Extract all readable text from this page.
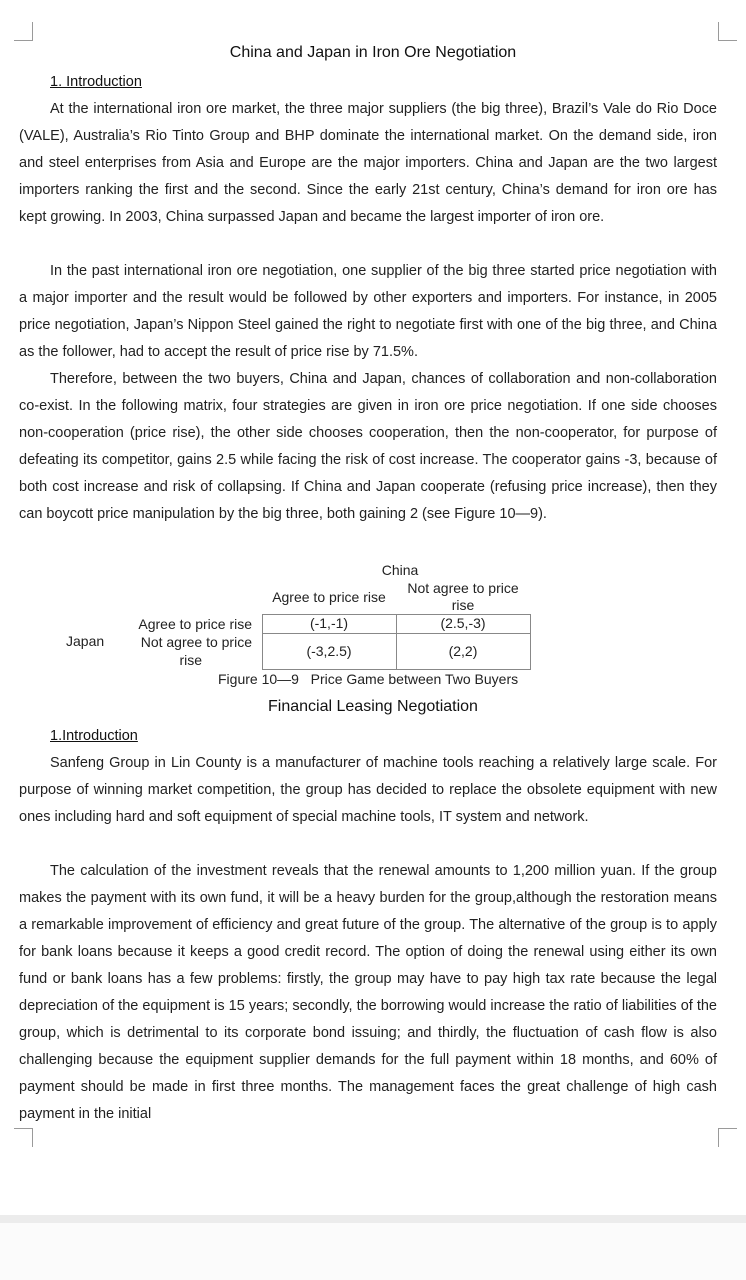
China and Japan in Iron Ore Negotiation
1. Introduction

At the international iron ore market, the three major suppliers (the big three), Brazil’s Vale do Rio Doce (VALE), Australia’s Rio Tinto Group and BHP dominate the international market. On the demand side, iron and steel enterprises from Asia and Europe are the major importers. China and Japan are the two largest importers ranking the first and the second. Since the early 21st century, China’s demand for iron ore has kept growing. In 2003, China surpassed Japan and became the largest importer of iron ore.

In the past international iron ore negotiation, one supplier of the big three started price negotiation with a major importer and the result would be followed by other exporters and importers. For instance, in 2005 price negotiation, Japan’s Nippon Steel gained the right to negotiate first with one of the big three, and China as the follower, had to accept the result of price rise by 71.5%.

Therefore, between the two buyers, China and Japan, chances of collaboration and non-collaboration co-exist. In the following matrix, four strategies are given in iron ore price negotiation. If one side chooses non-cooperation (price rise), the other side chooses cooperation, then the non-cooperator, for purpose of defeating its competitor, gains 2.5 while facing the risk of cost increase. The cooperator gains -3, because of both cost increase and risk of collapsing. If China and Japan cooperate (refusing price increase), then they can boycott price manipulation by the big three, both gaining 2 (see Figure 10—9).

China
Agree to price rise
Not agree to price
rise
Japan
Agree to price rise
Not agree to price
rise
(-1,-1)	(2.5,-3)
(-3,2.5)	(2,2)
Figure 10—9   Price Game between Two Buyers
Financial Leasing Negotiation
1.Introduction

Sanfeng Group in Lin County is a manufacturer of machine tools reaching a relatively large scale. For purpose of winning market competition, the group has decided to replace the obsolete equipment with new ones including hard and soft equipment of special machine tools, IT system and network.

The calculation of the investment reveals that the renewal amounts to 1,200 million yuan. If the group makes the payment with its own fund, it will be a heavy burden for the group,although the restoration means a remarkable improvement of efficiency and great future of the group. The alternative of the group is to apply for bank loans because it keeps a good credit record. The option of doing the renewal using either its own fund or bank loans has a few problems: firstly, the group may have to pay high tax rate because the legal depreciation of the equipment is 15 years; secondly, the borrowing would increase the ratio of liabilities of the group, which is detrimental to its corporate bond issuing; and thirdly, the fluctuation of cash flow is also challenging because the equipment supplier demands for the full payment within 18 months, and 60% of payment should be made in first three months. The management faces the great challenge of high cash payment in the initial
